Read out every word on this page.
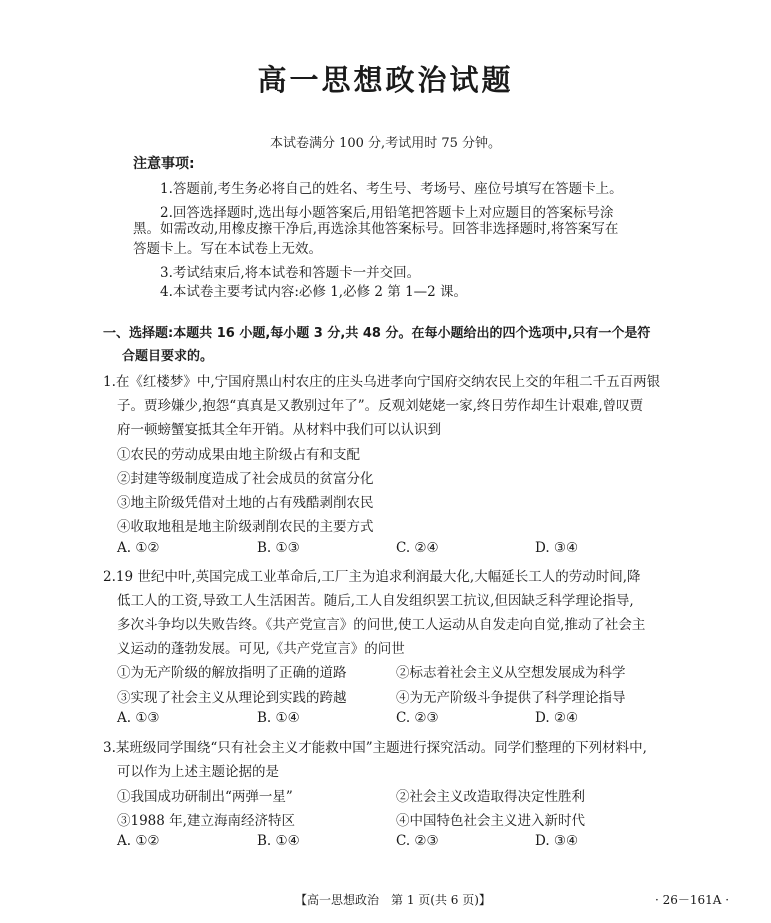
高一思想政治试题
本试卷满分 100 分,考试用时 75 分钟。
注意事项:
1.答题前,考生务必将自己的姓名、考生号、考场号、座位号填写在答题卡上。
2.回答选择题时,选出每小题答案后,用铅笔把答题卡上对应题目的答案标号涂
黑。如需改动,用橡皮擦干净后,再选涂其他答案标号。回答非选择题时,将答案写在
答题卡上。写在本试卷上无效。
3.考试结束后,将本试卷和答题卡一并交回。
4.本试卷主要考试内容:必修 1,必修 2 第 1—2 课。
一、选择题:本题共 16 小题,每小题 3 分,共 48 分。在每小题给出的四个选项中,只有一个是符
合题目要求的。
1.在《红楼梦》中,宁国府黑山村农庄的庄头乌进孝向宁国府交纳农民上交的年租二千五百两银
子。贾珍嫌少,抱怨“真真是又教别过年了”。反观刘姥姥一家,终日劳作却生计艰难,曾叹贾
府一顿螃蟹宴抵其全年开销。从材料中我们可以认识到
①农民的劳动成果由地主阶级占有和支配
②封建等级制度造成了社会成员的贫富分化
③地主阶级凭借对土地的占有残酷剥削农民
④收取地租是地主阶级剥削农民的主要方式
A. ①②	B. ①③	C. ②④	D. ③④
2.19 世纪中叶,英国完成工业革命后,工厂主为追求利润最大化,大幅延长工人的劳动时间,降
低工人的工资,导致工人生活困苦。随后,工人自发组织罢工抗议,但因缺乏科学理论指导,
多次斗争均以失败告终。《共产党宣言》的问世,使工人运动从自发走向自觉,推动了社会主
义运动的蓬勃发展。可见,《共产党宣言》的问世
①为无产阶级的解放指明了正确的道路	②标志着社会主义从空想发展成为科学
③实现了社会主义从理论到实践的跨越	④为无产阶级斗争提供了科学理论指导
A. ①③	B. ①④	C. ②③	D. ②④
3.某班级同学围绕“只有社会主义才能救中国”主题进行探究活动。同学们整理的下列材料中,
可以作为上述主题论据的是
①我国成功研制出“两弹一星”	②社会主义改造取得决定性胜利
③1988 年,建立海南经济特区	④中国特色社会主义进入新时代
A. ①②	B. ①④	C. ②③	D. ③④
【高一思想政治　第 1 页(共 6 页)】	· 26－161A ·
